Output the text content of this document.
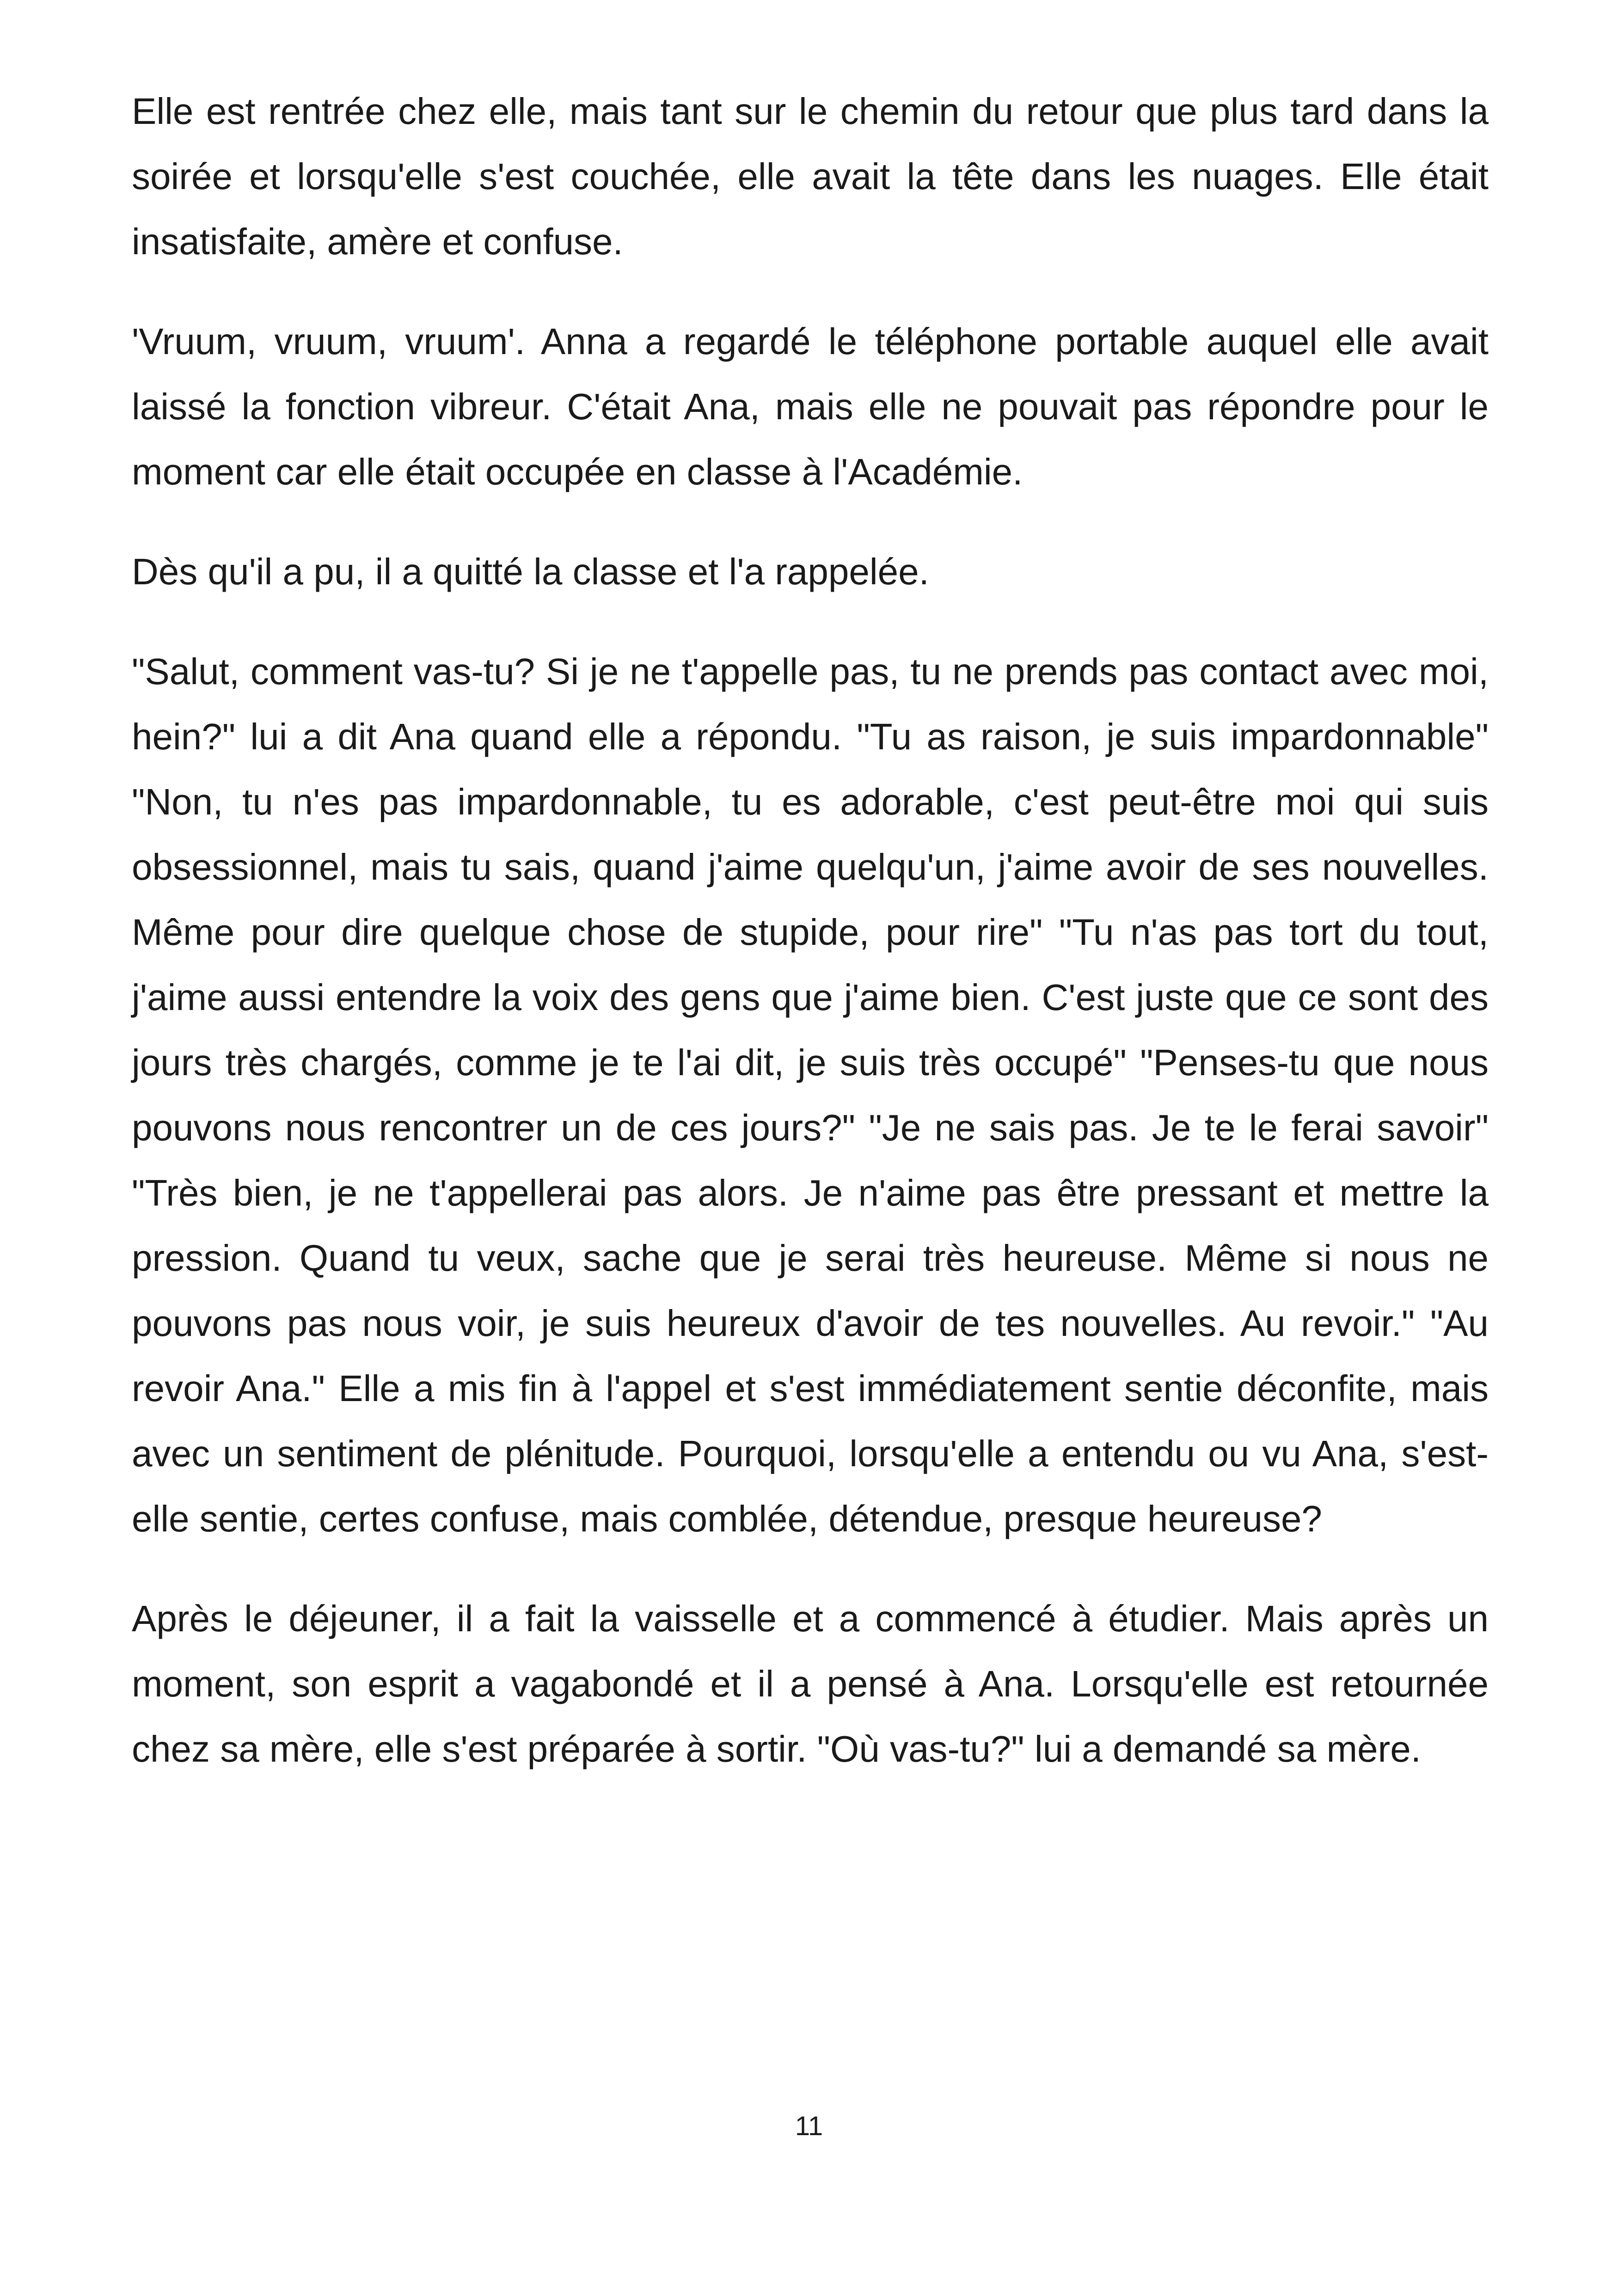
Elle est rentrée chez elle, mais tant sur le chemin du retour que plus tard dans la soirée et lorsqu'elle s'est couchée, elle avait la tête dans les nuages. Elle était insatisfaite, amère et confuse.

'Vruum, vruum, vruum'. Anna a regardé le téléphone portable auquel elle avait laissé la fonction vibreur. C'était Ana, mais elle ne pouvait pas répondre pour le moment car elle était occupée en classe à l'Académie.

Dès qu'il a pu, il a quitté la classe et l'a rappelée.

"Salut, comment vas-tu? Si je ne t'appelle pas, tu ne prends pas contact avec moi, hein?" lui a dit Ana quand elle a répondu. "Tu as raison, je suis impardonnable" "Non, tu n'es pas impardonnable, tu es adorable, c'est peut-être moi qui suis obsessionnel, mais tu sais, quand j'aime quelqu'un, j'aime avoir de ses nouvelles. Même pour dire quelque chose de stupide, pour rire" "Tu n'as pas tort du tout, j'aime aussi entendre la voix des gens que j'aime bien. C'est juste que ce sont des jours très chargés, comme je te l'ai dit, je suis très occupé" "Penses-tu que nous pouvons nous rencontrer un de ces jours?" "Je ne sais pas. Je te le ferai savoir" "Très bien, je ne t'appellerai pas alors. Je n'aime pas être pressant et mettre la pression. Quand tu veux, sache que je serai très heureuse. Même si nous ne pouvons pas nous voir, je suis heureux d'avoir de tes nouvelles. Au revoir." "Au revoir Ana." Elle a mis fin à l'appel et s'est immédiatement sentie déconfite, mais avec un sentiment de plénitude. Pourquoi, lorsqu'elle a entendu ou vu Ana, s'est-elle sentie, certes confuse, mais comblée, détendue, presque heureuse?

Après le déjeuner, il a fait la vaisselle et a commencé à étudier. Mais après un moment, son esprit a vagabondé et il a pensé à Ana. Lorsqu'elle est retournée chez sa mère, elle s'est préparée à sortir. "Où vas-tu?" lui a demandé sa mère.

11
